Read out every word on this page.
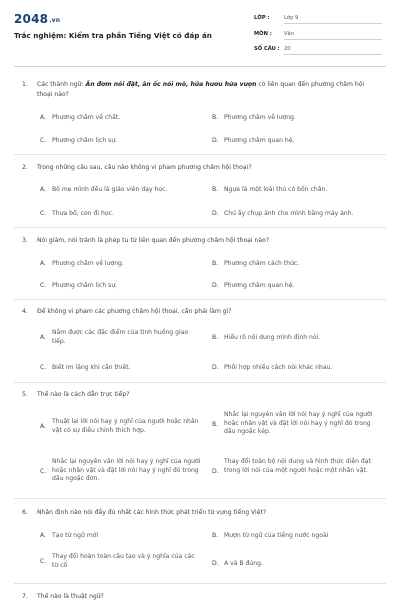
2048.vn
Trắc nghiệm: Kiểm tra phần Tiếng Việt có đáp án
LỚP :	Lớp 9
MÔN : Văn
SỐ CÂU : 20
1. Các thành ngữ: Ăn đơm nói đặt, ăn ốc nói mò, hứa hươu hứa vượn có liên quan đến phương châm hội thoại nào?
A. Phương châm về chất.	B. Phương châm về lượng.
C. Phương châm lịch sự.	D. Phương châm quan hệ.
2. Trong những câu sau, câu nào không vi phạm phương châm hội thoại?
A. Bố mẹ mình đều là giáo viên dạy học.	B. Ngựa là một loài thú có bốn chân.
C. Thưa bố, con đi học.	D. Chú ấy chụp ảnh cho mình bằng máy ảnh.
3. Nói giảm, nói tránh là phép tu từ liên quan đến phương châm hội thoại nào?
A. Phương châm về lượng.	B. Phương châm cách thức.
C. Phương châm lịch sự.	D. Phương châm quan hệ.
4. Để không vi phạm các phương châm hội thoại, cần phải làm gì?
A.
Nắm được các đặc điểm của tình huống giao tiếp.	B. Hiểu rõ nội dung mình định nói.
C. Biết im lặng khi cần thiết.	D. Phối hợp nhiều cách nói khác nhau.
5. Thế nào là cách dẫn trực tiếp?
A.
Thuật lại lời nói hay ý nghĩ của người hoặc nhân vật có sự điều chỉnh thích hợp.
B.
Nhắc lại nguyên văn lời nói hay ý nghĩ của người hoặc nhân vật và đặt lời nói hay ý nghĩ đó trong dấu ngoặc kép.
C.
Nhắc lại nguyên văn lời nói hay ý nghĩ của người hoặc nhân vật và đặt lời nói hay ý nghĩ đó trong dấu ngoặc đơn.
D.
Thay đổi toàn bộ nội dung và hình thức diễn đạt trong lời nói của một người hoặc một nhân vật.
6. Nhận định nào nói đầy đủ nhất các hình thức phát triển từ vựng tiếng Việt?
A. Tạo từ ngữ mới	B. Mượn từ ngữ của tiếng nước ngoài
C.
Thay đổi hoàn toàn cấu tạo và ý nghĩa của các từ cổ	D. A và B đúng.
7. Thế nào là thuật ngữ?
